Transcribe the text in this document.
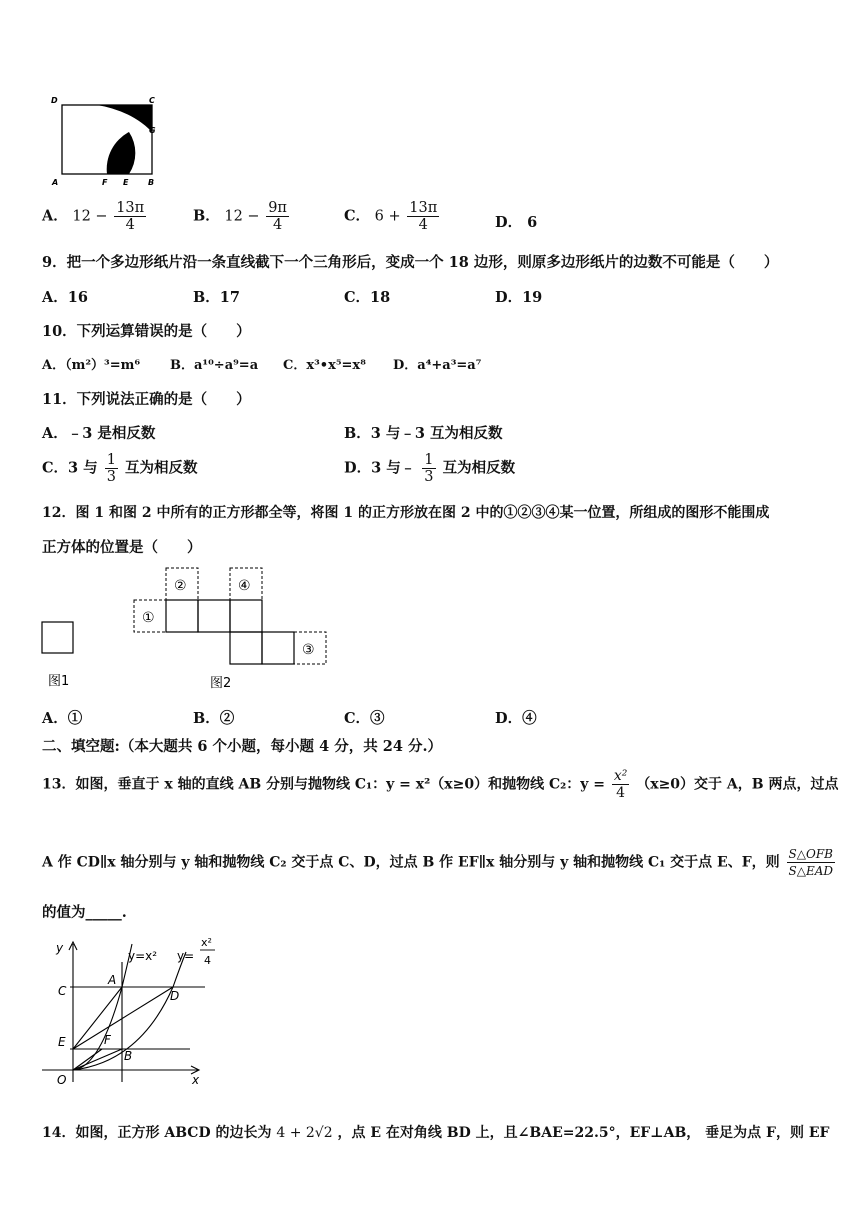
D	C
G
A	F E B
A． $12 - \frac{13\pi}{4}$	B． $12 - \frac{9\pi}{4}$	C． $6 + \frac{13\pi}{4}$	D． 6
9．把一个多边形纸片沿一条直线截下一个三角形后，变成一个 18 边形，则原多边形纸片的边数不可能是（　　）
A．16	B．17	C．18	D．19
10．下列运算错误的是（　　）
A．（m²）³=m⁶ B．a¹⁰÷a⁹=a C．x³•x⁵=x⁸ D．a⁴+a³=a⁷
11．下列说法正确的是（　　）
A．﹣3 是相反数	B．3 与﹣3 互为相反数
C．3 与 $\frac{1}{3}$ 互为相反数	D．3 与﹣ $\frac{1}{3}$ 互为相反数
12．图 1 和图 2 中所有的正方形都全等，将图 1 的正方形放在图 2 中的①②③④某一位置，所组成的图形不能围成
正方体的位置是（　　）
图1
①
②	④
③
图2
A．①	B．②	C．③	D．④
二、填空题:（本大题共 6 个小题，每小题 4 分，共 24 分.）
13．如图，垂直于 x 轴的直线 AB 分别与抛物线 C₁：y = x²（x≥0）和抛物线 C₂：$y = \frac{\text{x²}}{4} (x\ge 0)$交于 A，B 两点，过点
A 作 CD∥x 轴分别与 y 轴和抛物线 C₂ 交于点 C、D，过点 B 作 EF∥x 轴分别与 y 轴和抛物线 C₁ 交于点 E、F，则 $\frac{\text{S△OFB}}{\text{S△EAD}}$
的值为_____.
y
x
O
y=x² y=
x²
4
A
C	D
E	F
B
14．如图，正方形 ABCD 的边长为 4 + 2√2 ，点 E 在对角线 BD 上，且∠BAE=22.5°，EF⊥AB， 垂足为点 F，则 EF
